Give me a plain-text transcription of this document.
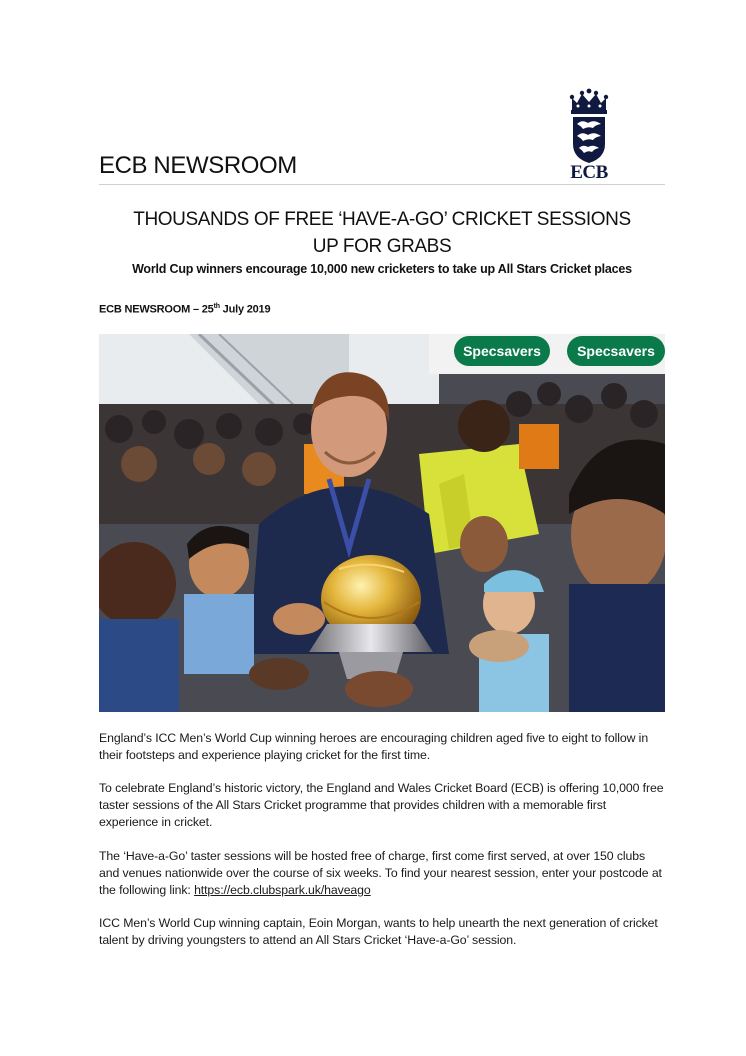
ECB
ECB NEWSROOM
THOUSANDS OF FREE ‘HAVE-A-GO’ CRICKET SESSIONS
UP FOR GRABS
World Cup winners encourage 10,000 new cricketers to take up All Stars Cricket places
ECB NEWSROOM – 25th July 2019
Specsavers	Specsavers

England’s ICC Men’s World Cup winning heroes are encouraging children aged five to eight to follow in their footsteps and experience playing cricket for the first time.

To celebrate England’s historic victory, the England and Wales Cricket Board (ECB) is offering 10,000 free taster sessions of the All Stars Cricket programme that provides children with a memorable first experience in cricket.

The ‘Have-a-Go’ taster sessions will be hosted free of charge, first come first served, at over 150 clubs and venues nationwide over the course of six weeks. To find your nearest session, enter your postcode at the following link: https://ecb.clubspark.uk/haveago

ICC Men’s World Cup winning captain, Eoin Morgan, wants to help unearth the next generation of cricket talent by driving youngsters to attend an All Stars Cricket ‘Have-a-Go’ session.
